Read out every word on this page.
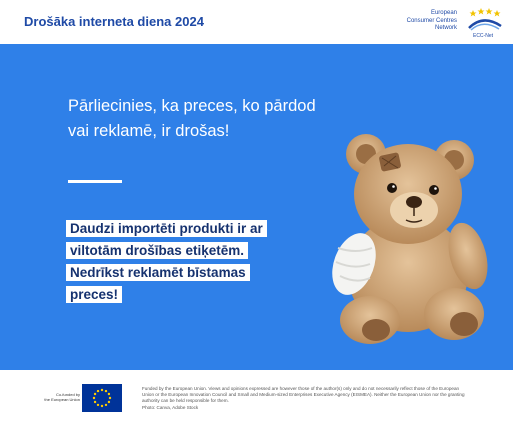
Drošāka interneta diena 2024
European
Consumer Centres
Network
ECC-Net
Pārliecinies, ka preces, ko pārdod vai reklamē, ir drošas!
Daudzi importēti produkti ir ar
viltotām drošības etiķetēm.
Nedrīkst reklamēt bīstamas
preces!
Co-funded by
the European Union
Funded by the European Union. Views and opinions expressed are however those of the author(s) only and do not necessarily reflect those of the European Union or the European Innovation Council and Small and Medium-sized Enterprises Executive Agency (EISMEA). Neither the European Union nor the granting authority can be held responsible for them.
Photo: Canva, Adobe Stock
